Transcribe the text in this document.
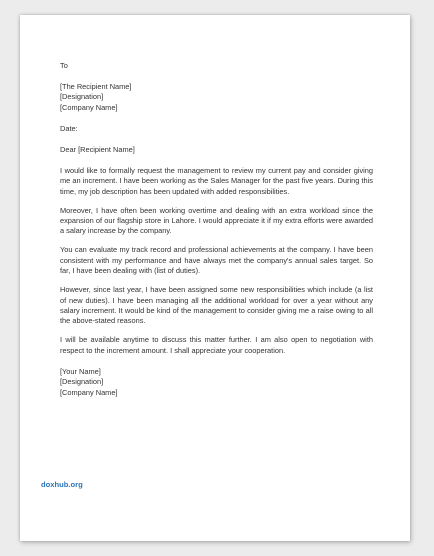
To
[The Recipient Name]
[Designation]
[Company Name]
Date:
Dear [Recipient Name]

I would like to formally request the management to review my current pay and consider giving me an increment. I have been working as the Sales Manager for the past five years. During this time, my job description has been updated with added responsibilities.

Moreover, I have often been working overtime and dealing with an extra workload since the expansion of our flagship store in Lahore. I would appreciate it if my extra efforts were awarded a salary increase by the company.

You can evaluate my track record and professional achievements at the company. I have been consistent with my performance and have always met the company's annual sales target. So far, I have been dealing with (list of duties).

However, since last year, I have been assigned some new responsibilities which include (a list of new duties). I have been managing all the additional workload for over a year without any salary increment. It would be kind of the management to consider giving me a raise owing to all the above-stated reasons.

I will be available anytime to discuss this matter further. I am also open to negotiation with respect to the increment amount. I shall appreciate your cooperation.

[Your Name]
[Designation]
[Company Name]
doxhub.org
